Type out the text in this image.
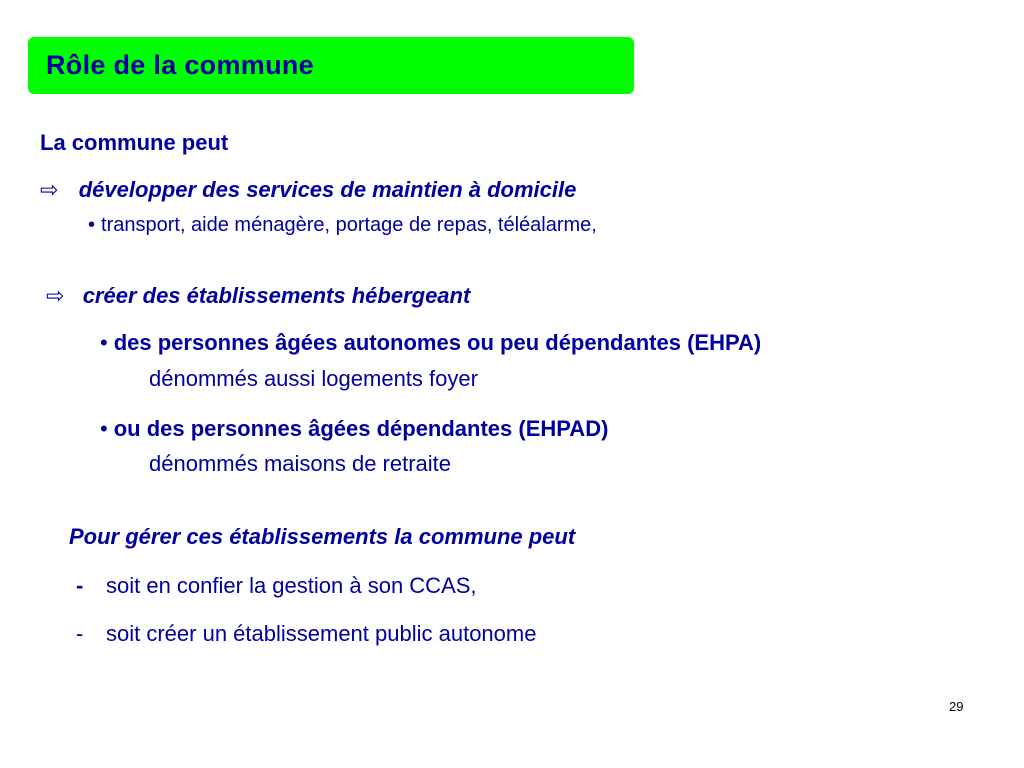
Rôle de la commune
La commune peut
⇨ développer des services de maintien à domicile
• transport, aide ménagère, portage de repas, téléalarme,
⇨ créer des établissements hébergeant
• des personnes âgées autonomes ou peu dépendantes (EHPA)
dénommés aussi logements foyer
• ou des personnes âgées dépendantes (EHPAD)
dénommés maisons de retraite
Pour gérer ces établissements la commune peut
- soit en confier la gestion à son CCAS,
- soit créer un établissement public autonome
29
